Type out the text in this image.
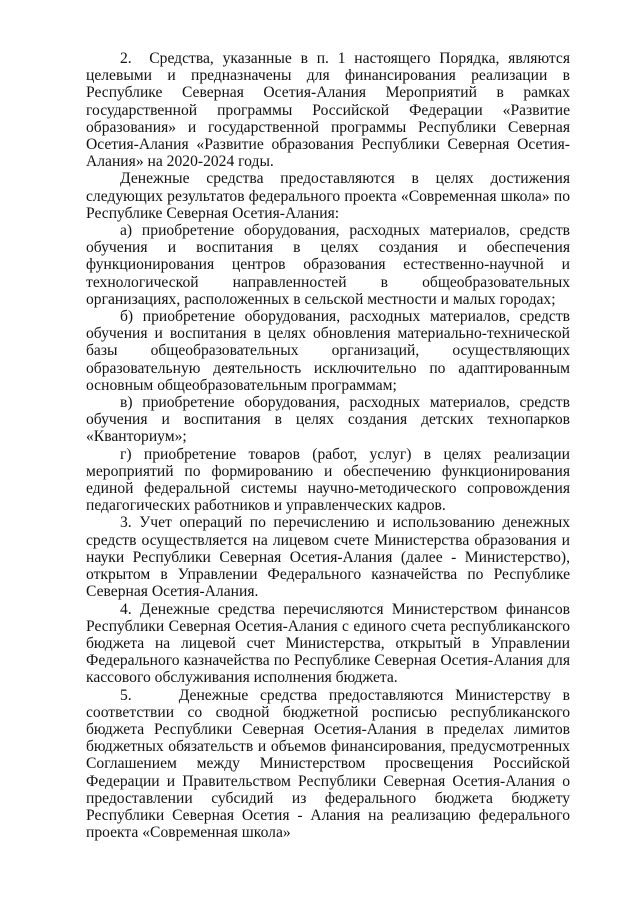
2.  Средства, указанные в п. 1 настоящего Порядка, являются целевыми и предназначены для финансирования реализации в Республике Северная Осетия-Алания Мероприятий в рамках государственной программы Российской Федерации «Развитие образования» и государственной программы Республики Северная Осетия-Алания «Развитие образования Республики Северная Осетия-Алания» на 2020-2024 годы.

Денежные средства предоставляются в целях достижения следующих результатов федерального проекта «Современная школа» по Республике Северная Осетия-Алания:

а) приобретение оборудования, расходных материалов, средств обучения и воспитания в целях создания и обеспечения функционирования центров образования естественно-научной и технологической направленностей в общеобразовательных организациях, расположенных в сельской местности и малых городах;

б) приобретение оборудования, расходных материалов, средств обучения и воспитания в целях обновления материально-технической базы общеобразовательных организаций, осуществляющих образовательную деятельность исключительно по адаптированным основным общеобразовательным программам;

в) приобретение оборудования, расходных материалов, средств обучения и воспитания в целях создания детских технопарков «Кванториум»;

г) приобретение товаров (работ, услуг) в целях реализации мероприятий по формированию и обеспечению функционирования единой федеральной системы научно-методического сопровождения педагогических работников и управленческих кадров.

3. Учет операций по перечислению и использованию денежных средств осуществляется на лицевом счете Министерства образования и науки Республики Северная Осетия-Алания (далее - Министерство), открытом в Управлении Федерального казначейства по Республике Северная Осетия-Алания.

4. Денежные средства перечисляются Министерством финансов Республики Северная Осетия-Алания с единого счета республиканского бюджета на лицевой счет Министерства, открытый в Управлении Федерального казначейства по Республике Северная Осетия-Алания для кассового обслуживания исполнения бюджета.

5.    Денежные средства предоставляются Министерству в соответствии со сводной бюджетной росписью республиканского бюджета Республики Северная Осетия-Алания в пределах лимитов бюджетных обязательств и объемов финансирования, предусмотренных Соглашением между Министерством просвещения Российской Федерации и Правительством Республики Северная Осетия-Алания о предоставлении субсидий из федерального бюджета бюджету Республики Северная Осетия - Алания на реализацию федерального проекта «Современная школа»
